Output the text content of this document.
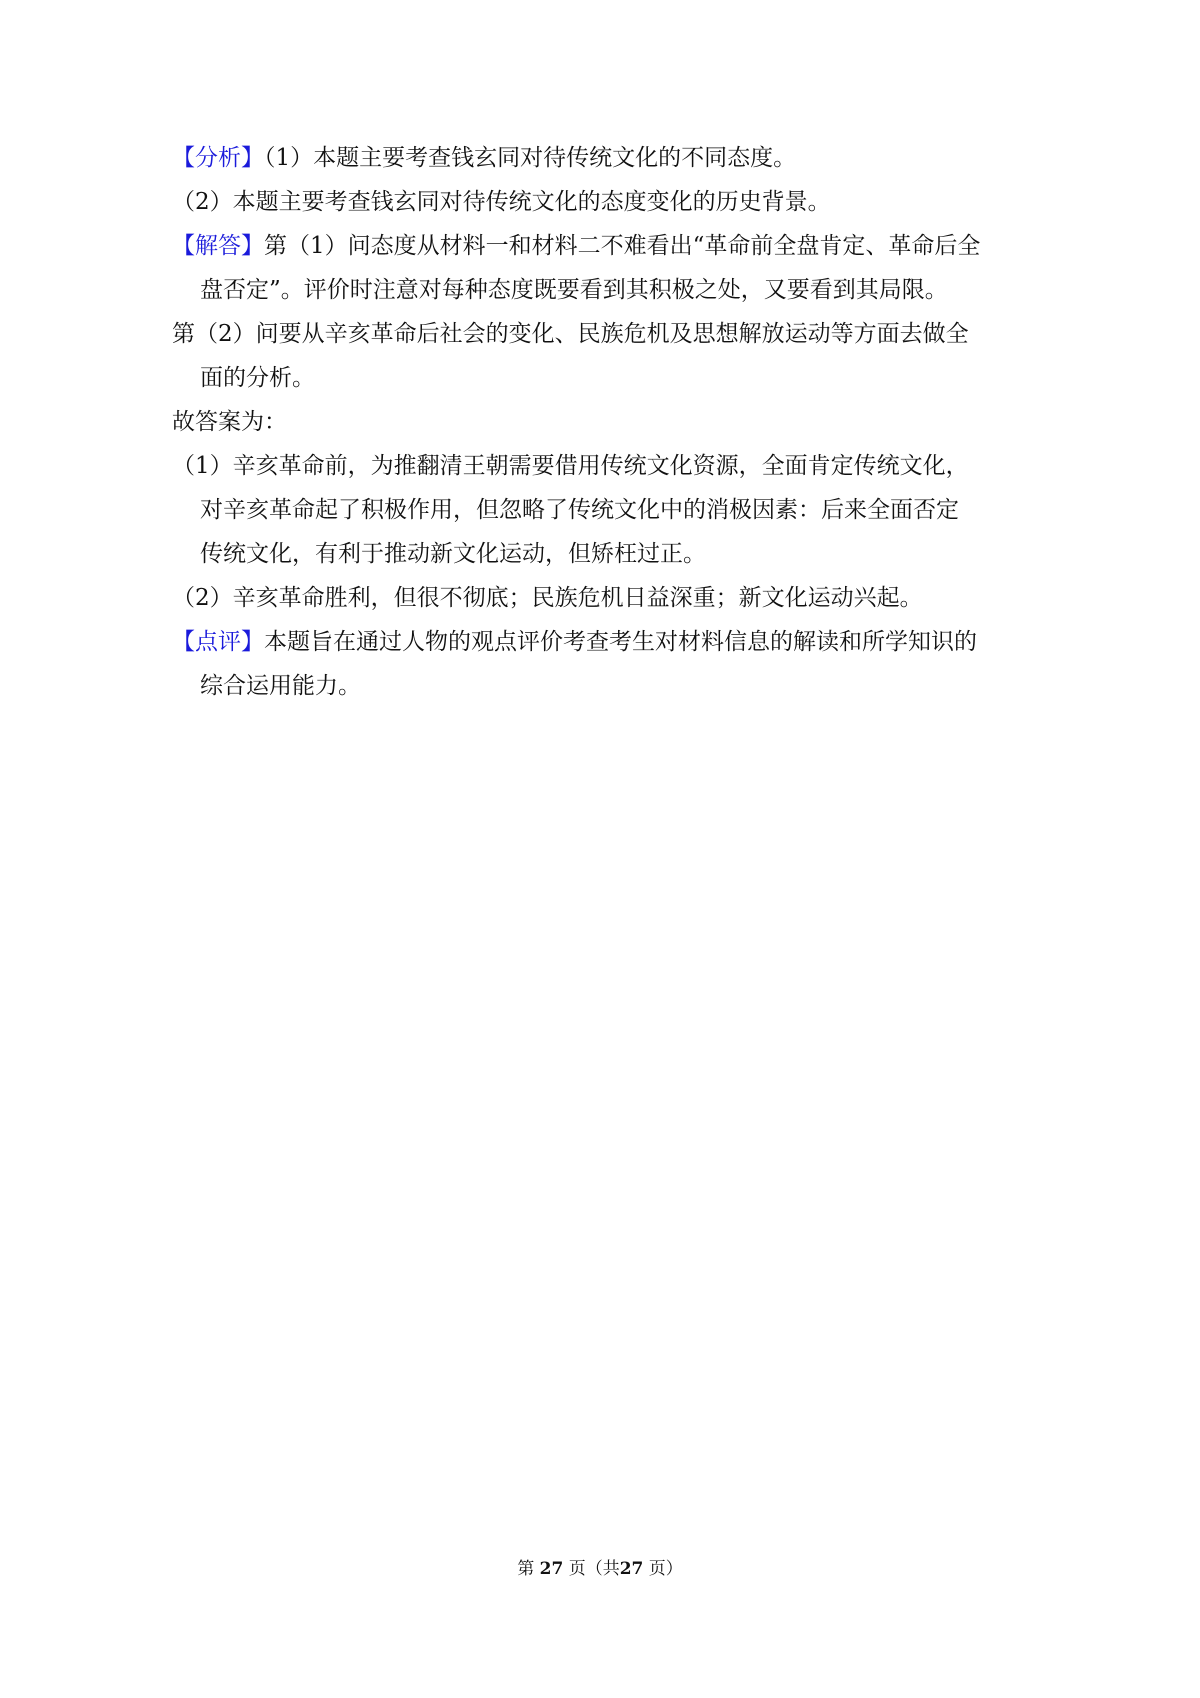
【分析】（1）本题主要考查钱玄同对待传统文化的不同态度。
（2）本题主要考查钱玄同对待传统文化的态度变化的历史背景。
【解答】第（1）问态度从材料一和材料二不难看出“革命前全盘肯定、革命后全
盘否定”。评价时注意对每种态度既要看到其积极之处，又要看到其局限。
第（2）问要从辛亥革命后社会的变化、民族危机及思想解放运动等方面去做全
面的分析。
故答案为：
（1）辛亥革命前，为推翻清王朝需要借用传统文化资源，全面肯定传统文化，
对辛亥革命起了积极作用，但忽略了传统文化中的消极因素：后来全面否定
传统文化，有利于推动新文化运动，但矫枉过正。
（2）辛亥革命胜利，但很不彻底；民族危机日益深重；新文化运动兴起。
【点评】本题旨在通过人物的观点评价考查考生对材料信息的解读和所学知识的
综合运用能力。
第 27 页（共27 页）
